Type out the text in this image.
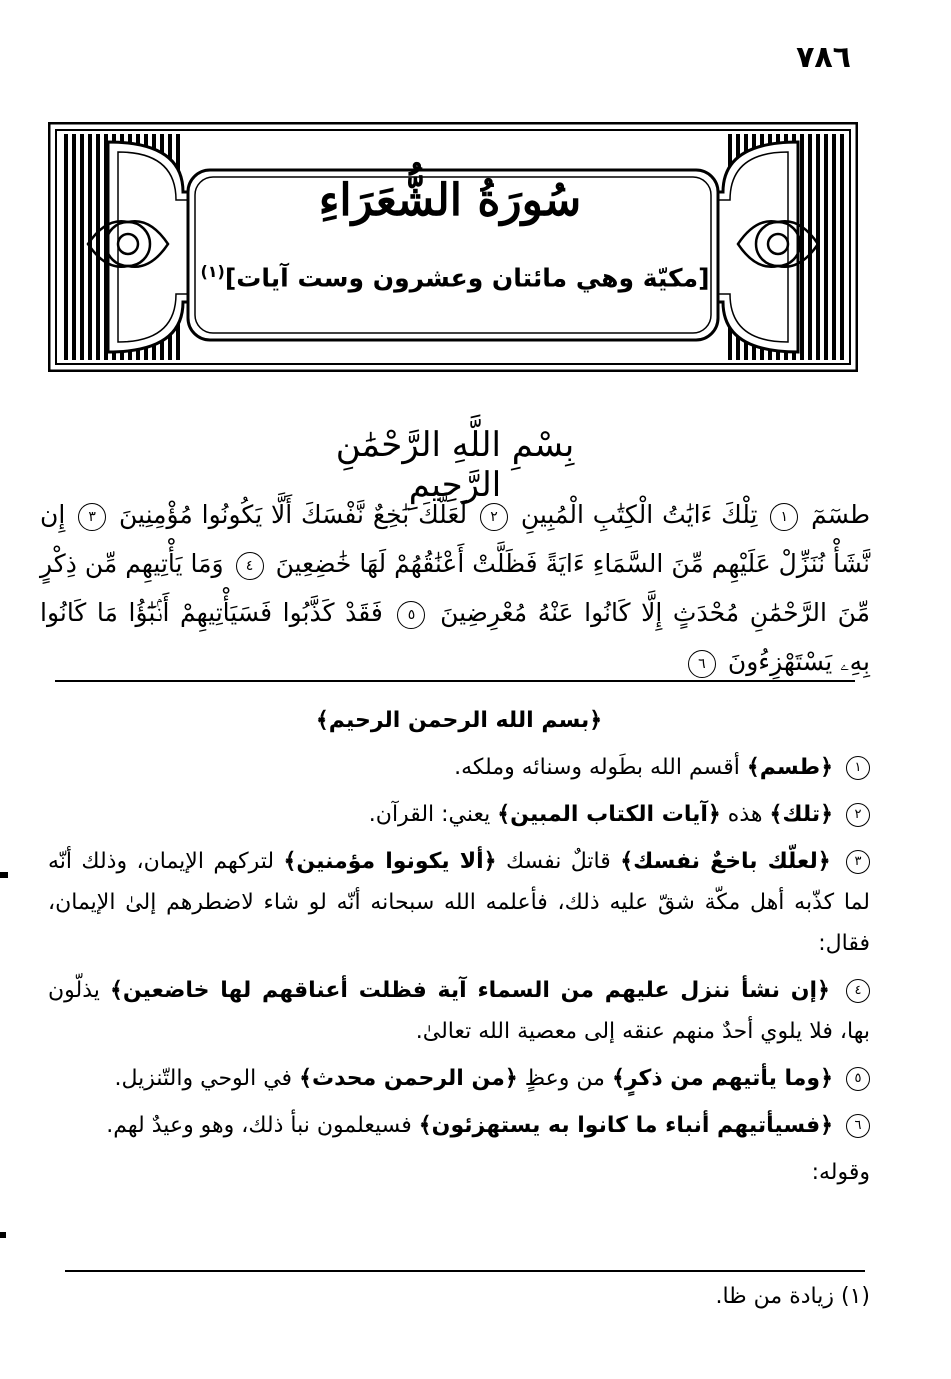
٧٨٦
سُورَةُ الشُّعَرَاءِ
[مكيّة وهي مائتان وعشرون وست آيات]$^{(١)}$
بِسْمِ اللَّهِ الرَّحْمَٰنِ الرَّحِيمِ
طسٓمٓ ١ تِلْكَ ءَايَٰتُ الْكِتَٰبِ الْمُبِينِ ٢ لَعَلَّكَ بَٰخِعٌ نَّفْسَكَ أَلَّا يَكُونُوا مُؤْمِنِينَ ٣ إِن نَّشَأْ نُنَزِّلْ عَلَيْهِم مِّنَ السَّمَاءِ ءَايَةً فَظَلَّتْ أَعْنَٰقُهُمْ لَهَا خَٰضِعِينَ ٤ وَمَا يَأْتِيهِم مِّن ذِكْرٍ مِّنَ الرَّحْمَٰنِ مُحْدَثٍ إِلَّا كَانُوا عَنْهُ مُعْرِضِينَ ٥ فَقَدْ كَذَّبُوا فَسَيَأْتِيهِمْ أَنۢبَٰٓؤُا مَا كَانُوا بِهِۦ يَسْتَهْزِءُونَ ٦

﴿بسم الله الرحمن الرحيم﴾

١ ﴿طسم﴾ أقسم الله بطَوله وسنائه وملكه.

٢ ﴿تلك﴾ هذه ﴿آيات الكتاب المبين﴾ يعني: القرآن.

٣ ﴿لعلّك باخعٌ نفسك﴾ قاتلٌ نفسك ﴿ألا يكونوا مؤمنين﴾ لتركهم الإيمان، وذلك أنّه لما كذّبه أهل مكّة شقّ عليه ذلك، فأعلمه الله سبحانه أنّه لو شاء لاضطرهم إلىٰ الإيمان، فقال:

٤ ﴿إن نشأ ننزل عليهم من السماء آية فظلت أعناقهم لها خاضعين﴾ يذلّون بها، فلا يلوي أحدٌ منهم عنقه إلى معصية الله تعالىٰ.

٥ ﴿وما يأتيهم من ذكرٍ﴾ من وعظٍ ﴿من الرحمن محدث﴾ في الوحي والتّنزيل.

٦ ﴿فسيأتيهم أنباء ما كانوا به يستهزئون﴾ فسيعلمون نبأ ذلك، وهو وعيدٌ لهم.

وقوله:

(١) زيادة من ظا.
